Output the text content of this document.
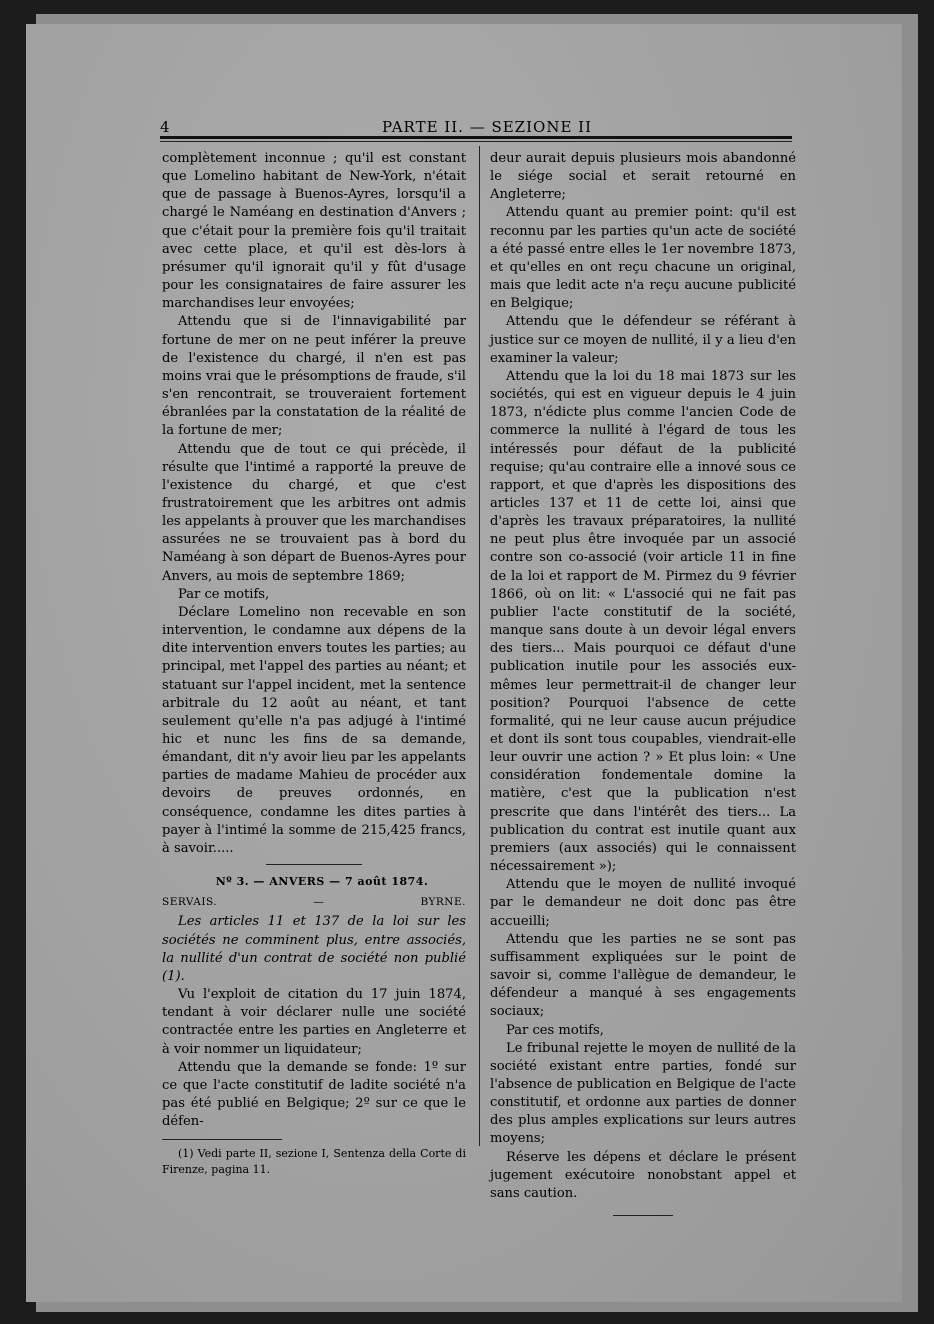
4	PARTE II. — SEZIONE II

complètement inconnue ; qu'il est constant que Lomelino habitant de New-York, n'était que de passage à Buenos-Ayres, lorsqu'il a chargé le Naméang en destination d'Anvers ; que c'était pour la première fois qu'il traitait avec cette place, et qu'il est dès-lors à présumer qu'il ignorait qu'il y fût d'usage pour les consignataires de faire assurer les marchandises leur envoyées;

Attendu que si de l'innavigabilité par fortune de mer on ne peut inférer la preuve de l'existence du chargé, il n'en est pas moins vrai que le présomptions de fraude, s'il s'en rencontrait, se trouveraient fortement ébranlées par la constatation de la réalité de la fortune de mer;

Attendu que de tout ce qui précède, il résulte que l'intimé a rapporté la preuve de l'existence du chargé, et que c'est frustratoirement que les arbitres ont admis les appelants à prouver que les marchandises assurées ne se trouvaient pas à bord du Naméang à son départ de Buenos-Ayres pour Anvers, au mois de septembre 1869;

Par ce motifs,

Déclare Lomelino non recevable en son intervention, le condamne aux dépens de la dite intervention envers toutes les parties; au principal, met l'appel des parties au néant; et statuant sur l'appel incident, met la sentence arbitrale du 12 août au néant, et tant seulement qu'elle n'a pas adjugé à l'intimé hic et nunc les fins de sa demande, émandant, dit n'y avoir lieu par les appelants parties de madame Mahieu de procéder aux devoirs de preuves ordonnés, en conséquence, condamne les dites parties à payer à l'intimé la somme de 215,425 francs, à savoir.....

Nº 3. — ANVERS — 7 août 1874.

SERVAIS.	—	BYRNE.

Les articles 11 et 137 de la loi sur les sociétés ne comminent plus, entre associés, la nullité d'un contrat de société non publié (1).

Vu l'exploit de citation du 17 juin 1874, tendant à voir déclarer nulle une société contractée entre les parties en Angleterre et à voir nommer un liquidateur;

Attendu que la demande se fonde: 1º sur ce que l'acte constitutif de ladite société n'a pas été publié en Belgique; 2º sur ce que le défen-

(1) Vedi parte II, sezione I, Sentenza della Corte di Firenze, pagina 11.

deur aurait depuis plusieurs mois abandonné le siége social et serait retourné en Angleterre;

Attendu quant au premier point: qu'il est reconnu par les parties qu'un acte de société a été passé entre elles le 1er novembre 1873, et qu'elles en ont reçu chacune un original, mais que ledit acte n'a reçu aucune publicité en Belgique;

Attendu que le défendeur se référant à justice sur ce moyen de nullité, il y a lieu d'en examiner la valeur;

Attendu que la loi du 18 mai 1873 sur les sociétés, qui est en vigueur depuis le 4 juin 1873, n'édicte plus comme l'ancien Code de commerce la nullité à l'égard de tous les intéressés pour défaut de la publicité requise; qu'au contraire elle a innové sous ce rapport, et que d'après les dispositions des articles 137 et 11 de cette loi, ainsi que d'après les travaux préparatoires, la nullité ne peut plus être invoquée par un associé contre son co-associé (voir article 11 in fine de la loi et rapport de M. Pirmez du 9 février 1866, où on lit: « L'associé qui ne fait pas publier l'acte constitutif de la société, manque sans doute à un devoir légal envers des tiers... Mais pourquoi ce défaut d'une publication inutile pour les associés eux-mêmes leur permettrait-il de changer leur position? Pourquoi l'absence de cette formalité, qui ne leur cause aucun préjudice et dont ils sont tous coupables, viendrait-elle leur ouvrir une action ? » Et plus loin: « Une considération fondementale domine la matière, c'est que la publication n'est prescrite que dans l'intérêt des tiers... La publication du contrat est inutile quant aux premiers (aux associés) qui le connaissent nécessairement »);

Attendu que le moyen de nullité invoqué par le demandeur ne doit donc pas être accueilli;

Attendu que les parties ne se sont pas suffisamment expliquées sur le point de savoir si, comme l'allègue de demandeur, le défendeur a manqué à ses engagements sociaux;

Par ces motifs,

Le fribunal rejette le moyen de nullité de la société existant entre parties, fondé sur l'absence de publication en Belgique de l'acte constitutif, et ordonne aux parties de donner des plus amples explications sur leurs autres moyens;

Réserve les dépens et déclare le présent jugement exécutoire nonobstant appel et sans caution.
